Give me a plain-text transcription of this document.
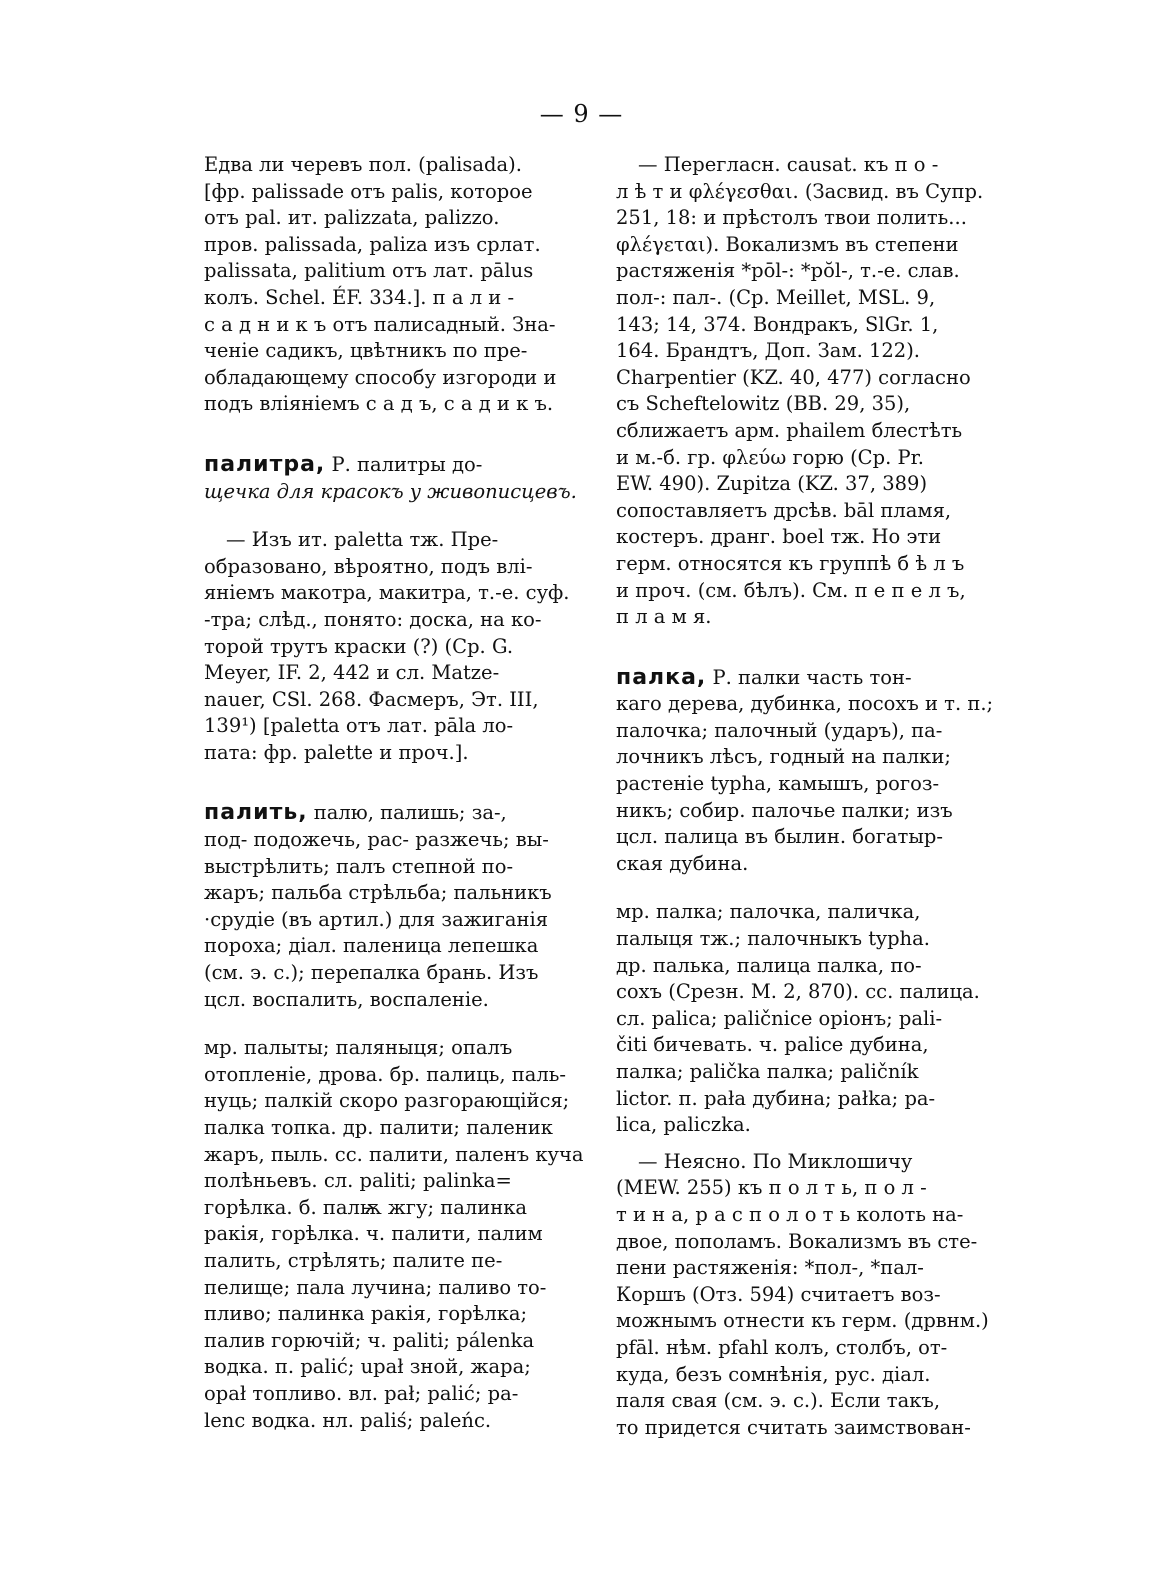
— 9 —
Едва ли черевъ пол. (palisada).
[фр. palissade отъ palis, которое
отъ pal. ит. palizzata, palizzo.
пров. palissada, paliza изъ срлат.
palissata, palitium отъ лат. pālus
колъ. Schel. ÉF. 334.]. п а л и -
с а д н и к ъ отъ палисадный. Зна-
ченіе садикъ, цвѣтникъ по пре-
обладающему способу изгороди и
подъ вліяніемъ с а д ъ, с а д и к ъ.
палитра, Р. палитры до-
щечка для красокъ у живописцевъ.
— Изъ ит. paletta тж. Пре-
образовано, вѣроятно, подъ влі-
яніемъ макотра, макитра, т.-е. суф.
-тра; слѣд., понято: доска, на ко-
торой трутъ краски (?) (Ср. G.
Meyer, IF. 2, 442 и сл. Matze-
nauer, CSl. 268. Фасмеръ, Эт. III,
139¹) [paletta отъ лат. pāla ло-
пата: фр. palette и проч.].
палить, палю, палишь; за-,
под- подожечь, рас- разжечь; вы-
выстрѣлить; палъ степной по-
жаръ; пальба стрѣльба; пальникъ
·срудіе (въ артил.) для зажиганія
пороха; діал. паленица лепешка
(см. э. с.); перепалка брань. Изъ
цсл. воспалить, воспаленіе.
мр. палыты; паляныця; опалъ
отопленіе, дрова. бр. палиць, паль-
нуць; палкій скоро разгорающійся;
палка топка. др. палити; паленик
жаръ, пыль. сс. палити, паленъ куча
полѣньевъ. сл. paliti; palinka=
горѣлка. б. палѭ жгу; палинка
ракія, горѣлка. ч. палити, палим
палить, стрѣлять; палите пе-
пелище; пала лучина; паливо то-
пливо; палинка ракія, горѣлка;
палив горючій; ч. paliti; pálenka
водка. п. palić; upał зной, жара;
opał топливо. вл. pał; palić; pa-
lenc водка. нл. paliś; paleńc.
— Перегласн. causat. къ п о -
л ѣ т и φλέγεσθαι. (Засвид. въ Супр.
251, 18: и прѣстолъ твои полить...
φλέγεται). Вокализмъ въ степени
растяженія *pōl-: *pŏl-, т.-е. слав.
пол-: пал-. (Ср. Meillet, MSL. 9,
143; 14, 374. Вондракъ, SlGr. 1,
164. Брандтъ, Доп. Зам. 122).
Charpentier (KZ. 40, 477) согласно
съ Scheftelowitz (BB. 29, 35),
сближаетъ арм. phailem блестѣть
и м.-б. гр. φλεύω горю (Ср. Pr.
EW. 490). Zupitza (KZ. 37, 389)
сопоставляетъ дрсѣв. bāl пламя,
костеръ. дранг. boel тж. Но эти
герм. относятся къ группѣ б ѣ л ъ
и проч. (см. бѣлъ). См. п е п е л ъ,
п л а м я.
палка, Р. палки часть тон-
каго дерева, дубинка, посохъ и т. п.;
палочка; палочный (ударъ), па-
лочникъ лѣсъ, годный на палки;
растеніе typha, камышъ, рогоз-
никъ; собир. палочье палки; изъ
цсл. палица въ былин. богатыр-
ская дубина.
мр. палка; палочка, паличка,
палыця тж.; палочныкъ typha.
др. палька, палица палка, по-
сохъ (Срезн. М. 2, 870). сс. палица.
сл. palica; paličnice оріонъ; pali-
čiti бичевать. ч. palice дубина,
палка; palička палка; paličník
lictor. п. pała дубина; pałka; pa-
lica, paliczka.
— Неясно. По Миклошичу
(MEW. 255) къ п о л т ь, п о л -
т и н а, р а с п о л о т ь колоть на-
двое, пополамъ. Вокализмъ въ сте-
пени растяженія: *пол-, *пал-
Коршъ (Отз. 594) считаетъ воз-
можнымъ отнести къ герм. (дрвнм.)
pfāl. нѣм. pfahl колъ, столбъ, от-
куда, безъ сомнѣнія, рус. діал.
паля свая (см. э. с.). Если такъ,
то придется считать заимствован-
